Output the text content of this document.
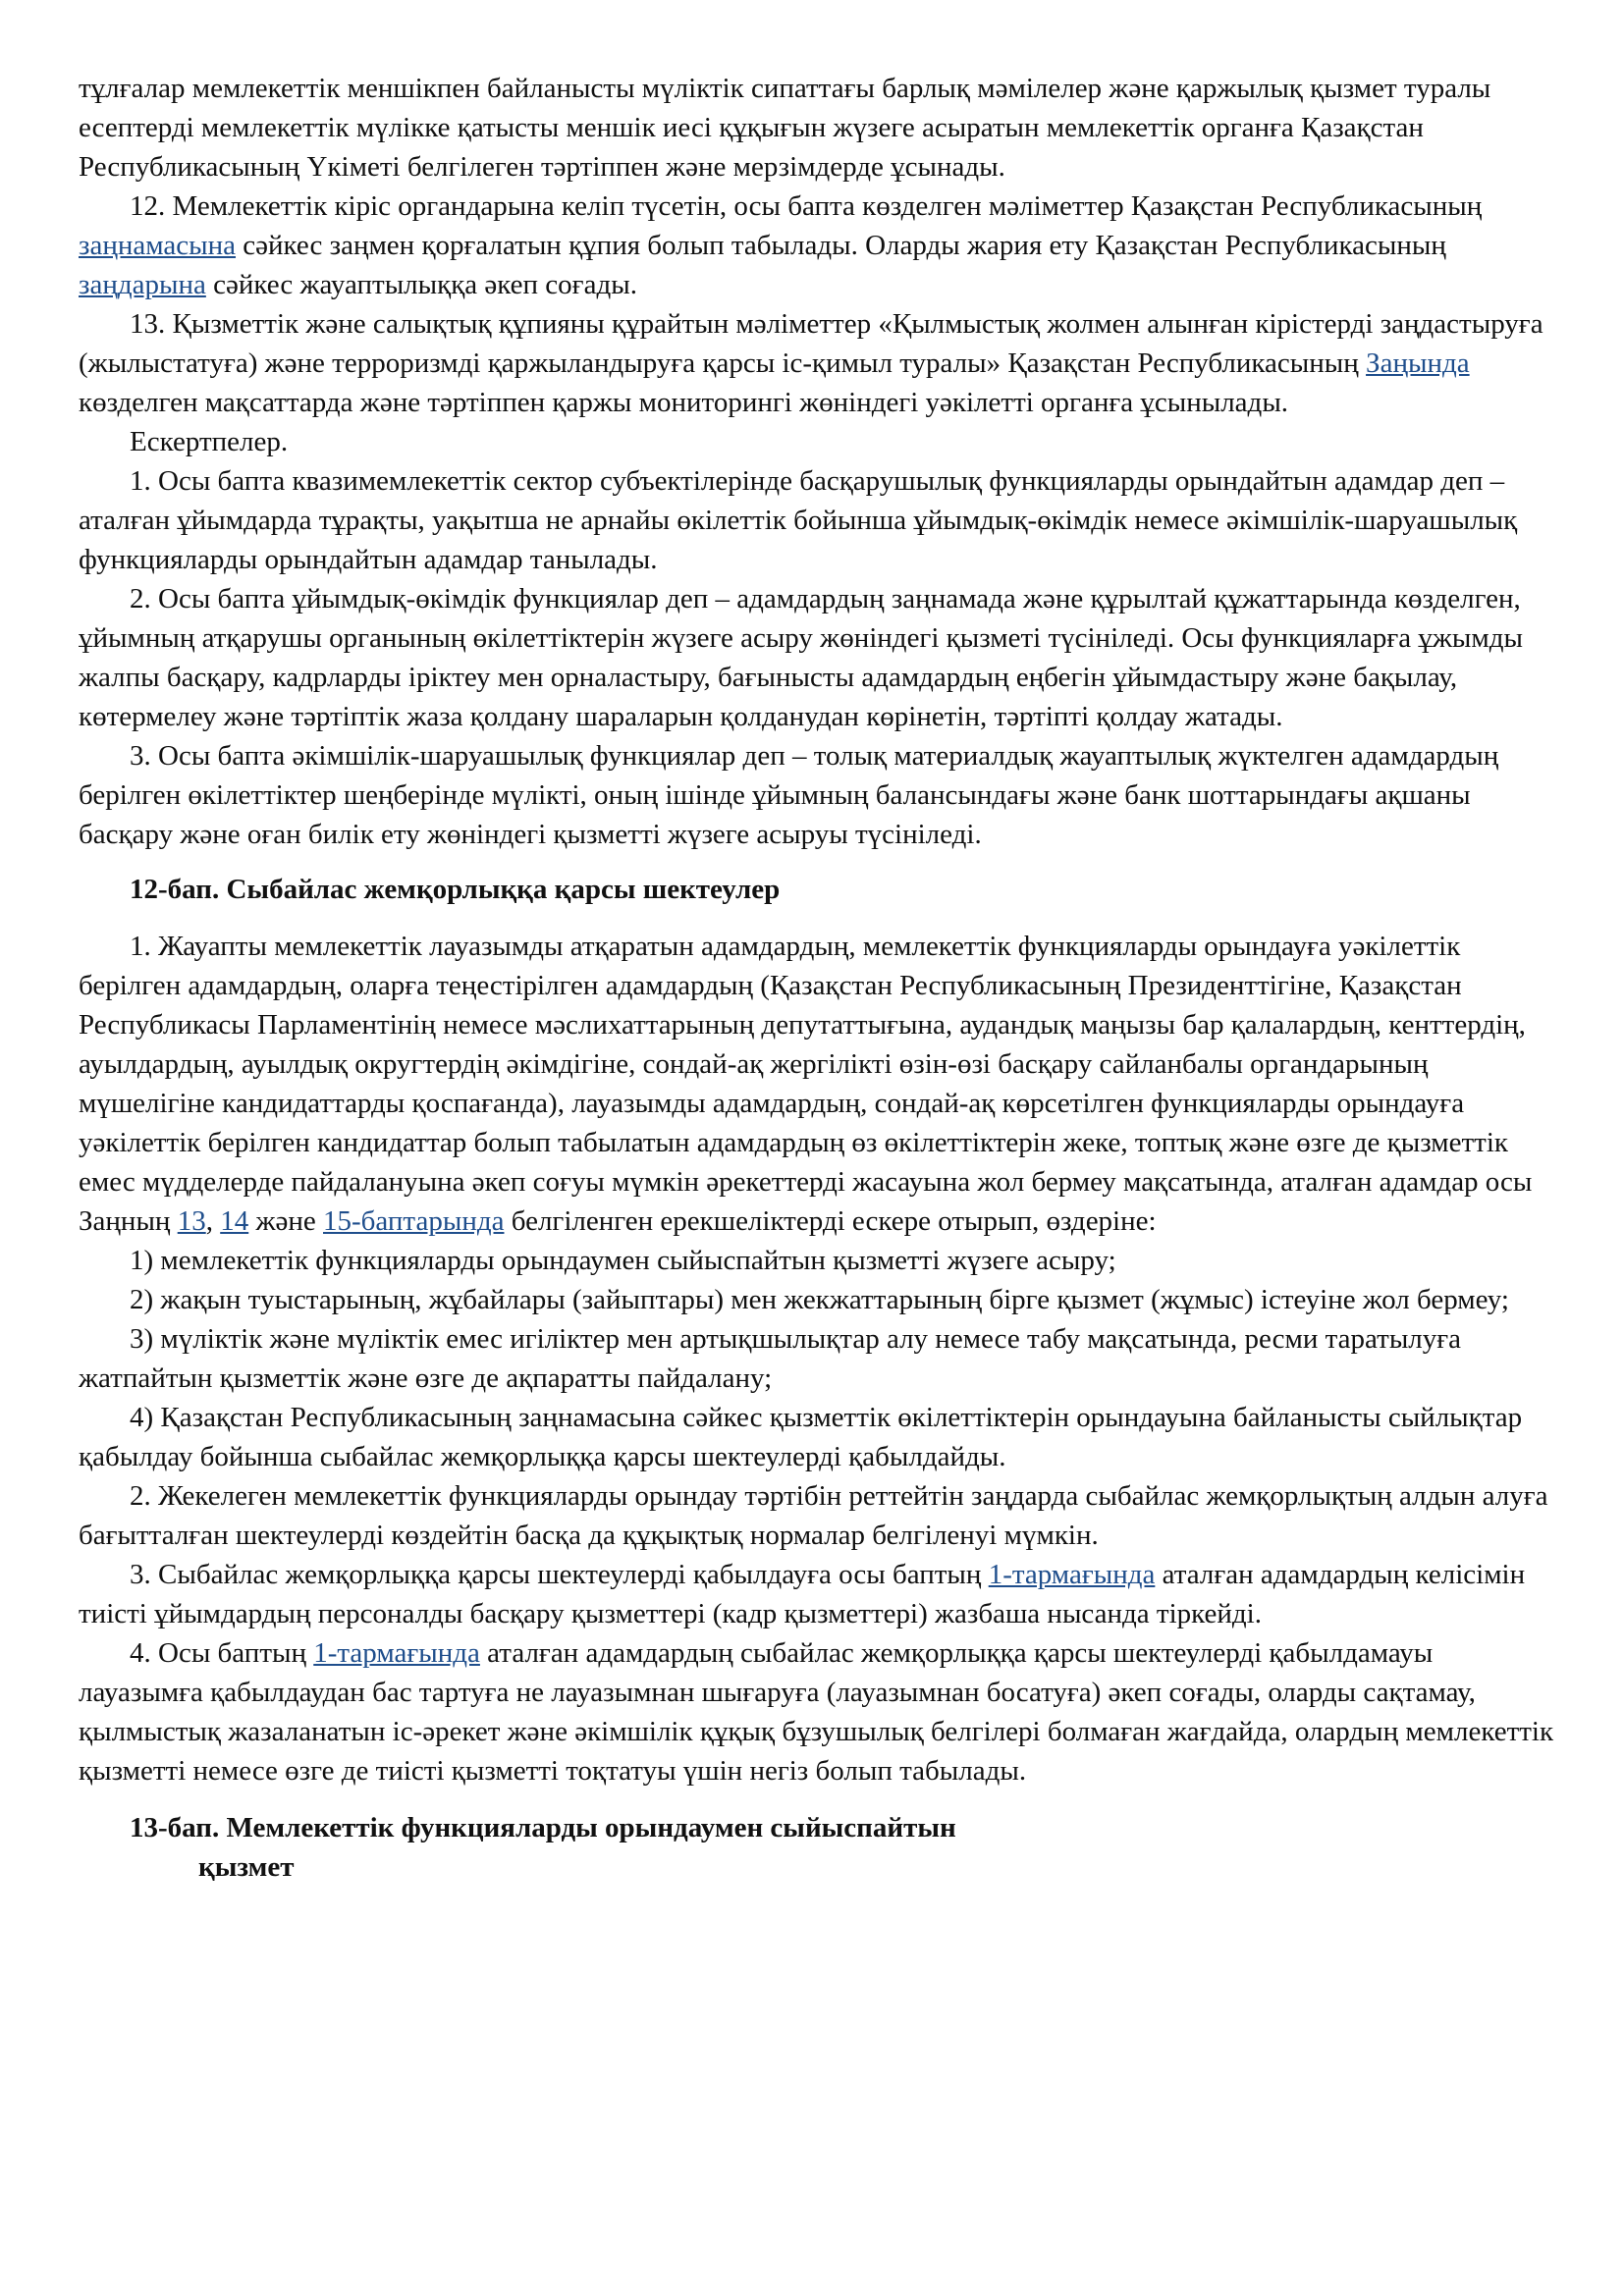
тұлғалар мемлекеттік меншікпен байланысты мүліктік сипаттағы барлық мәмілелер және қаржылық қызмет туралы есептерді мемлекеттік мүлікке қатысты меншік иесі құқығын жүзеге асыратын мемлекеттік органға Қазақстан Республикасының Үкіметі белгілеген тәртіппен және мерзімдерде ұсынады.

12. Мемлекеттік кіріс органдарына келіп түсетін, осы бапта көзделген мәліметтер Қазақстан Республикасының заңнамасына сәйкес заңмен қорғалатын құпия болып табылады. Оларды жария ету Қазақстан Республикасының заңдарына сәйкес жауаптылыққа әкеп соғады.

13. Қызметтік және салықтық құпияны құрайтын мәліметтер «Қылмыстық жолмен алынған кірістерді заңдастыруға (жылыстатуға) және терроризмді қаржыландыруға қарсы іс-қимыл туралы» Қазақстан Республикасының Заңында көзделген мақсаттарда және тәртіппен қаржы мониторингі жөніндегі уәкілетті органға ұсынылады.

Ескертпелер.

1. Осы бапта квазимемлекеттік сектор субъектілерінде басқарушылық функцияларды орындайтын адамдар деп – аталған ұйымдарда тұрақты, уақытша не арнайы өкілеттік бойынша ұйымдық-өкімдік немесе әкімшілік-шаруашылық функцияларды орындайтын адамдар танылады.

2. Осы бапта ұйымдық-өкімдік функциялар деп – адамдардың заңнамада және құрылтай құжаттарында көзделген, ұйымның атқарушы органының өкілеттіктерін жүзеге асыру жөніндегі қызметі түсініледі. Осы функцияларға ұжымды жалпы басқару, кадрларды іріктеу мен орналастыру, бағынысты адамдардың еңбегін ұйымдастыру және бақылау, көтермелеу және тәртіптік жаза қолдану шараларын қолданудан көрінетін, тәртіпті қолдау жатады.

3. Осы бапта әкімшілік-шаруашылық функциялар деп – толық материалдық жауаптылық жүктелген адамдардың берілген өкілеттіктер шеңберінде мүлікті, оның ішінде ұйымның балансындағы және банк шоттарындағы ақшаны басқару және оған билік ету жөніндегі қызметті жүзеге асыруы түсініледі.

12-бап. Сыбайлас жемқорлыққа қарсы шектеулер

1. Жауапты мемлекеттік лауазымды атқаратын адамдардың, мемлекеттік функцияларды орындауға уәкілеттік берілген адамдардың, оларға теңестірілген адамдардың (Қазақстан Республикасының Президенттігіне, Қазақстан Республикасы Парламентінің немесе мәслихаттарының депутаттығына, аудандық маңызы бар қалалардың, кенттердің, ауылдардың, ауылдық округтердің әкімдігіне, сондай-ақ жергілікті өзін-өзі басқару сайланбалы органдарының мүшелігіне кандидаттарды қоспағанда), лауазымды адамдардың, сондай-ақ көрсетілген функцияларды орындауға уәкілеттік берілген кандидаттар болып табылатын адамдардың өз өкілеттіктерін жеке, топтық және өзге де қызметтік емес мүдделерде пайдалануына әкеп соғуы мүмкін әрекеттерді жасауына жол бермеу мақсатында, аталған адамдар осы Заңның 13, 14 және 15-баптарында белгіленген ерекшеліктерді ескере отырып, өздеріне:

1) мемлекеттік функцияларды орындаумен сыйыспайтын қызметті жүзеге асыру;

2) жақын туыстарының, жұбайлары (зайыптары) мен жекжаттарының бірге қызмет (жұмыс) істеуіне жол бермеу;

3) мүліктік және мүліктік емес игіліктер мен артықшылықтар алу немесе табу мақсатында, ресми таратылуға жатпайтын қызметтік және өзге де ақпаратты пайдалану;

4) Қазақстан Республикасының заңнамасына сәйкес қызметтік өкілеттіктерін орындауына байланысты сыйлықтар қабылдау бойынша сыбайлас жемқорлыққа қарсы шектеулерді қабылдайды.

2. Жекелеген мемлекеттік функцияларды орындау тәртібін реттейтін заңдарда сыбайлас жемқорлықтың алдын алуға бағытталған шектеулерді көздейтін басқа да құқықтық нормалар белгіленуі мүмкін.

3. Сыбайлас жемқорлыққа қарсы шектеулерді қабылдауға осы баптың 1-тармағында аталған адамдардың келісімін тиісті ұйымдардың персоналды басқару қызметтері (кадр қызметтері) жазбаша нысанда тіркейді.

4. Осы баптың 1-тармағында аталған адамдардың сыбайлас жемқорлыққа қарсы шектеулерді қабылдамауы лауазымға қабылдаудан бас тартуға не лауазымнан шығаруға (лауазымнан босатуға) әкеп соғады, оларды сақтамау, қылмыстық жазаланатын іс-әрекет және әкімшілік құқық бұзушылық белгілері болмаған жағдайда, олардың мемлекеттік қызметті немесе өзге де тиісті қызметті тоқтатуы үшін негіз болып табылады.

13-бап. Мемлекеттік функцияларды орындаумен сыйыспайтын
қызмет
